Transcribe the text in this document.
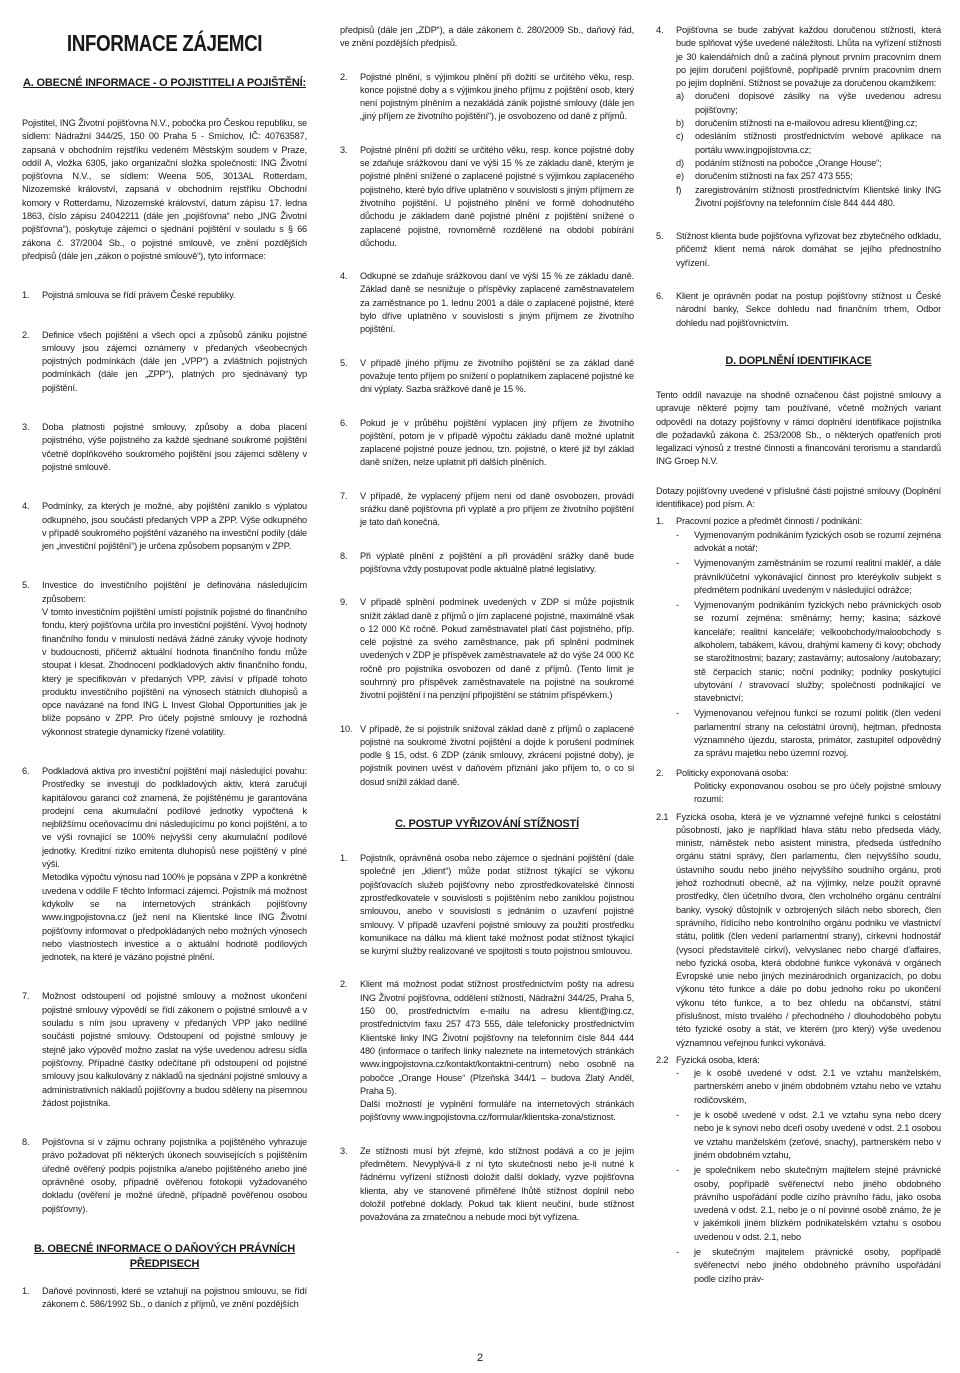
INFORMACE ZÁJEMCI
A. OBECNÉ INFORMACE - O POJISTITELI A POJIŠTĚNÍ:

Pojistitel, ING Životní pojišťovna N.V., pobočka pro Českou republiku, se sídlem: Nádražní 344/25, 150 00 Praha 5 - Smíchov, IČ: 40763587, zapsaná v obchodním rejstříku vedeném Městským soudem v Praze, oddíl A, vložka 6305, jako organizační složka společnosti: ING Životní pojišťovna N.V., se sídlem: Weena 505, 3013AL Rotterdam, Nizozemské království, zapsaná v obchodním rejstříku Obchodní komory v Rotterdamu, Nizozemské království, datum zápisu 17. ledna 1863, číslo zápisu 24042211 (dále jen „pojišťovna“ nebo „ING Životní pojišťovna“), poskytuje zájemci o sjednání pojištění v souladu s § 66 zákona č. 37/2004 Sb., o pojistné smlouvě, ve znění pozdějších předpisů (dále jen „zákon o pojistné smlouvě“), tyto informace:

1.	Pojistná smlouva se řídí právem České republiky.
2.	Definice všech pojištění a všech opcí a způsobů zániku pojistné smlouvy jsou zájemci oznámeny v předaných všeobecných pojistných podmínkách (dále jen „VPP“) a zvláštních pojistných podmínkách (dále jen „ZPP“), platných pro sjednávaný typ pojištění.
3.	Doba platnosti pojistné smlouvy, způsoby a doba placení pojistného, výše pojistného za každé sjednané soukromé pojištění včetně doplňkového soukromého pojištění jsou zájemci sděleny v pojistné smlouvě.
4.	Podmínky, za kterých je možné, aby pojištění zaniklo s výplatou odkupného, jsou součástí předaných VPP a ZPP. Výše odkupného v případě soukromého pojištění vázaného na investiční podíly (dále jen „investiční pojištění“) je určena způsobem popsaným v ZPP.
5.	Investice do investičního pojištění je definována následujícím způsobem:
V tomto investičním pojištění umístí pojistník pojistné do finančního fondu, který pojišťovna určila pro investiční pojištění. Vývoj hodnoty finančního fondu v minulosti nedává žádné záruky vývoje hodnoty v budoucnosti, přičemž aktuální hodnota finančního fondu může stoupat i klesat. Zhodnocení podkladových aktiv finančního fondu, který je specifikován v předaných VPP, závisí v případě tohoto produktu investičního pojištění na výnosech státních dluhopisů a opce navázané na fond ING L Invest Global Opportunities jak je blíže popsáno v ZPP. Pro účely pojistné smlouvy je rozhodná výkonnost strategie dynamicky řízené volatility.
6.	Podkladová aktiva pro investiční pojištění mají následující povahu: Prostředky se investují do podkladových aktiv, která zaručují kapitálovou garanci což znamená, že pojištěnému je garantována prodejní cena akumulační podílové jednotky vypočtená k nejbližšímu oceňovacímu dni následujícímu po konci pojištění, a to ve výši rovnající se 100% nejvyšší ceny akumulační podílové jednotky. Kreditní riziko emitenta dluhopisů nese pojištěný v plné výši.
Metodika výpočtu výnosu nad 100% je popsána v ZPP a konkrétně uvedena v oddíle F těchto Informací zájemci. Pojistník má možnost kdykoliv se na internetových stránkách pojišťovny www.ingpojistovna.cz (jež není na Klientské lince ING Životní pojišťovny informovat o předpokládaných nebo možných výnosech nebo vlastnostech investice a o aktuální hodnotě podílových jednotek, na které je vázáno pojistné plnění.
7.	Možnost odstoupení od pojistné smlouvy a možnost ukončení pojistné smlouvy výpovědí se řídí zákonem o pojistné smlouvě a v souladu s ním jsou upraveny v předaných VPP jako nedílné součásti pojistné smlouvy. Odstoupení od pojistné smlouvy je stejně jako výpověď možno zaslat na výše uvedenou adresu sídla pojišťovny. Případné částky odečítané při odstoupení od pojistné smlouvy jsou kalkulovány z nákladů na sjednání pojistné smlouvy a administrativních nákladů pojišťovny a budou sděleny na písemnou žádost pojistníka.
8.	Pojišťovna si v zájmu ochrany pojistníka a pojištěného vyhrazuje právo požadovat při některých úkonech souvisejících s pojištěním úředně ověřený podpis pojistníka a/anebo pojištěného anebo jiné oprávněné osoby, případně ověřenou fotokopii vyžadovaného dokladu (ověření je možné úředně, případně pověřenou osobou pojišťovny).
B. OBECNÉ INFORMACE O DAŇOVÝCH PRÁVNÍCH
PŘEDPISECH
1.	Daňové povinnosti, které se vztahují na pojistnou smlouvu, se řídí zákonem č. 586/1992 Sb., o daních z příjmů, ve znění pozdějších

předpisů (dále jen „ZDP“), a dále zákonem č. 280/2009 Sb., daňový řád, ve znění pozdějších předpisů.

2.	Pojistné plnění, s výjimkou plnění při dožití se určitého věku, resp. konce pojistné doby a s výjimkou jiného příjmu z pojištění osob, který není pojistným plněním a nezakládá zánik pojistné smlouvy (dále jen „jiný příjem ze životního pojištění“), je osvobozeno od daně z příjmů.
3.	Pojistné plnění při dožití se určitého věku, resp. konce pojistné doby se zdaňuje srážkovou daní ve výši 15 % ze základu daně, kterým je pojistné plnění snížené o zaplacené pojistné s výjimkou zaplaceného pojistného, které bylo dříve uplatněno v souvislosti s jiným příjmem ze životního pojištění. U pojistného plnění ve formě dohodnutého důchodu je základem daně pojistné plnění z pojištění snížené o zaplacené pojistné, rovnoměrně rozdělené na období pobírání důchodu.
4.	Odkupné se zdaňuje srážkovou daní ve výši 15 % ze základu daně. Základ daně se nesnižuje o příspěvky zaplacené zaměstnavatelem za zaměstnance po 1. lednu 2001 a dále o zaplacené pojistné, které bylo dříve uplatněno v souvislosti s jiným příjmem ze životního pojištění.
5.	V případě jiného příjmu ze životního pojištění se za základ daně považuje tento příjem po snížení o poplatníkem zaplacené pojistné ke dni výplaty. Sazba srážkové daně je 15 %.
6.	Pokud je v průběhu pojištění vyplacen jiný příjem ze životního pojištění, potom je v případě výpočtu základu daně možné uplatnit zaplacené pojistné pouze jednou, tzn. pojistné, o které již byl základ daně snížen, nelze uplatnit při dalších plněních.
7.	V případě, že vyplacený příjem není od daně osvobozen, provádí srážku daně pojišťovna při výplatě a pro příjem ze životního pojištění je tato daň konečná.
8.	Při výplatě plnění z pojištění a při provádění srážky daně bude pojišťovna vždy postupovat podle aktuálně platné legislativy.
9.	V případě splnění podmínek uvedených v ZDP si může pojistník snížit základ daně z příjmů o jím zaplacené pojistné, maximálně však o 12 000 Kč ročně. Pokud zaměstnavatel platí část pojistného, příp. celé pojistné za svého zaměstnance, pak při splnění podmínek uvedených v ZDP je příspěvek zaměstnavatele až do výše 24 000 Kč ročně pro pojistníka osvobozen od daně z příjmů. (Tento limit je souhrnný pro příspěvek zaměstnavatele na pojistné na soukromé životní pojištění i na penzijní připojištění se státním příspěvkem.)
10. V případě, že si pojistník snižoval základ daně z příjmů o zaplacené pojistné na soukromé životní pojištění a dojde k porušení podmínek podle § 15, odst. 6 ZDP (zánik smlouvy, zkrácení pojistné doby), je pojistník povinen uvést v daňovém přiznání jako příjem to, o co si dosud snížil základ daně.
C. POSTUP VYŘIZOVÁNÍ STÍŽNOSTÍ
1.	Pojistník, oprávněná osoba nebo zájemce o sjednání pojištění (dále společně jen „klient“) může podat stížnost týkající se výkonu pojišťovacích služeb pojišťovny nebo zprostředkovatelské činnosti zprostředkovatele v souvislosti s pojištěním nebo zaniklou pojistnou smlouvou, anebo v souvislosti s jednáním o uzavření pojistné smlouvy. V případě uzavření pojistné smlouvy za použití prostředku komunikace na dálku má klient také možnost podat stížnost týkající se kurýrní služby realizované ve spojitosti s touto pojistnou smlouvou.
2.	Klient má možnost podat stížnost prostřednictvím pošty na adresu ING Životní pojišťovna, oddělení stížností, Nádražní 344/25, Praha 5, 150 00, prostřednictvím e-mailu na adresu klient@ing.cz, prostřednictvím faxu 257 473 555, dále telefonicky prostřednictvím Klientské linky ING Životní pojišťovny na telefonním čísle 844 444 480 (informace o tarifech linky naleznete na internetových stránkách www.ingpojistovna.cz/kontakt/kontaktni-centrum) nebo osobně na pobočce „Orange House“ (Plzeňská 344/1 – budova Zlatý Anděl, Praha 5).
Další možností je vyplnění formuláře na internetových stránkách pojišťovny www.ingpojistovna.cz/formular/klientska-zona/stiznost.
3.	Ze stížnosti musí být zřejmé, kdo stížnost podává a co je jejím předmětem. Nevyplývá-li z ní tyto skutečnosti nebo je-li nutné k řádnému vyřízení stížnosti doložit další doklady, vyzve pojišťovna klienta, aby ve stanovené přiměřené lhůtě stížnost doplnil nebo doložil potřebné doklady. Pokud tak klient neučiní, bude stížnost považována za zmatečnou a nebude moci být vyřízena.
4.	Pojišťovna se bude zabývat každou doručenou stížností, která bude splňovat výše uvedené náležitosti. Lhůta na vyřízení stížnosti je 30 kalendářních dnů a začíná plynout prvním pracovním dnem po jejím doručení pojišťovně, popřípadě prvním pracovním dnem po jejím doplnění. Stížnost se považuje za doručenou okamžikem:
a)	doručení dopisové zásilky na výše uvedenou adresu pojišťovny;
b)	doručením stížnosti na e-mailovou adresu klient@ing.cz;
c)	odesláním stížnosti prostřednictvím webové aplikace na portálu www.ingpojistovna.cz;
d)	podáním stížnosti na pobočce „Orange House“;
e)	doručením stížnosti na fax 257 473 555;
f)	zaregistrováním stížnosti prostřednictvím Klientské linky ING Životní pojišťovny na telefonním čísle 844 444 480.
5.	Stížnost klienta bude pojišťovna vyřizovat bez zbytečného odkladu, přičemž klient nemá nárok domáhat se jejího přednostního vyřízení.
6.	Klient je oprávněn podat na postup pojišťovny stížnost u České národní banky, Sekce dohledu nad finančním trhem, Odbor dohledu nad pojišťovnictvím.
D. DOPLNĚNÍ IDENTIFIKACE

Tento oddíl navazuje na shodně označenou část pojistné smlouvy a upravuje některé pojmy tam používané, včetně možných variant odpovědí na dotazy pojišťovny v rámci doplnění identifikace pojistníka dle požadavků zákona č. 253/2008 Sb., o některých opatřeních proti legalizaci výnosů z trestné činnosti a financování terorismu a standardů ING Groep N.V.

Dotazy pojišťovny uvedené v příslušné části pojistné smlouvy (Doplnění identifikace) pod písm. A:

1.	Pracovní pozice a předmět činnosti / podnikání:
-	Vyjmenovaným podnikáním fyzických osob se rozumí zejména advokát a notář;
-	Vyjmenovaným zaměstnáním se rozumí realitní makléř, a dále právník/účetní vykonávající činnost pro kteréykoliv subjekt s předmětem podnikání uvedeným v následující odrážce;
-	Vyjmenovaným podnikáním fyzických nebo právnických osob se rozumí zejména: směnárny; herny; kasina; sázkové kanceláře; realitní kanceláře; velkoobchody/maloobchody s alkoholem, tabákem, kávou, drahými kameny či kovy; obchody se starožitnostmi; bazary; zastavárny; autosalony /autobazary; stě čerpacích stanic; noční podniky; podniky poskytující ubytování / stravovací služby; společnosti podnikající ve stavebnictví;
-	Vyjmenovanou veřejnou funkcí se rozumí politik (člen vedení parlamentní strany na celostátní úrovni), hejtman, přednosta významného újezdu, starosta, primátor, zastupitel odpovědný za správu majetku nebo územní rozvoj.
2.	Politicky exponovaná osoba:
Politicky exponovanou osobou se pro účely pojistné smlouvy rozumí:
2.1 Fyzická osoba, která je ve významné veřejné funkci s celostátní působností, jako je například hlava státu nebo předseda vlády, ministr, náměstek nebo asistent ministra, předseda ústředního orgánu státní správy, člen parlamentu, člen nejvyššího soudu, ústavního soudu nebo jiného nejvyššího soudního orgánu, proti jehož rozhodnutí obecně, až na výjimky, nelze použít opravné prostředky, člen účetního dvora, člen vrcholného orgánu centrální banky, vysoký důstojník v ozbrojených silách nebo sborech, člen správního, řídícího nebo kontrolního orgánu podniku ve vlastnictví státu, politik (člen vedení parlamentní strany), církevní hodnostář (vysocí představitelé církví), velvyslanec nebo chargé d'affaires, nebo fyzická osoba, která obdobné funkce vykonává v orgánech Evropské unie nebo jiných mezinárodních organizacích, po dobu výkonu této funkce a dále po dobu jednoho roku po ukončení výkonu této funkce, a to bez ohledu na občanství, státní příslušnost, místo trvalého / přechodného / dlouhodobého pobytu této fyzické osoby a stát, ve kterém (pro který) výše uvedenou významnou veřejnou funkci vykonává.
2.2 Fyzická osoba, která:
-	je k osobě uvedené v odst. 2.1 ve vztahu manželském, partnerském anebo v jiném obdobném vztahu nebo ve vztahu rodičovském,
-	je k osobě uvedené v odst. 2.1 ve vztahu syna nebo dcery nebo je k synovi nebo dceři osoby uvedené v odst. 2.1 osobou ve vztahu manželském (zeťové, snachy), partnerském nebo v jiném obdobném vztahu,
-	je společníkem nebo skutečným majitelem stejné právnické osoby, popřípadě svěřenectví nebo jiného obdobného právního uspořádání podle cizího právního řádu, jako osoba uvedená v odst. 2.1, nebo je o ní povinné osobě známo, že je v jakémkoli jiném blízkém podnikatelském vztahu s osobou uvedenou v odst. 2.1, nebo
-	je skutečným majitelem právnické osoby, popřípadě svěřenectví nebo jiného obdobného právního uspořádání podle cizího práv-
2
